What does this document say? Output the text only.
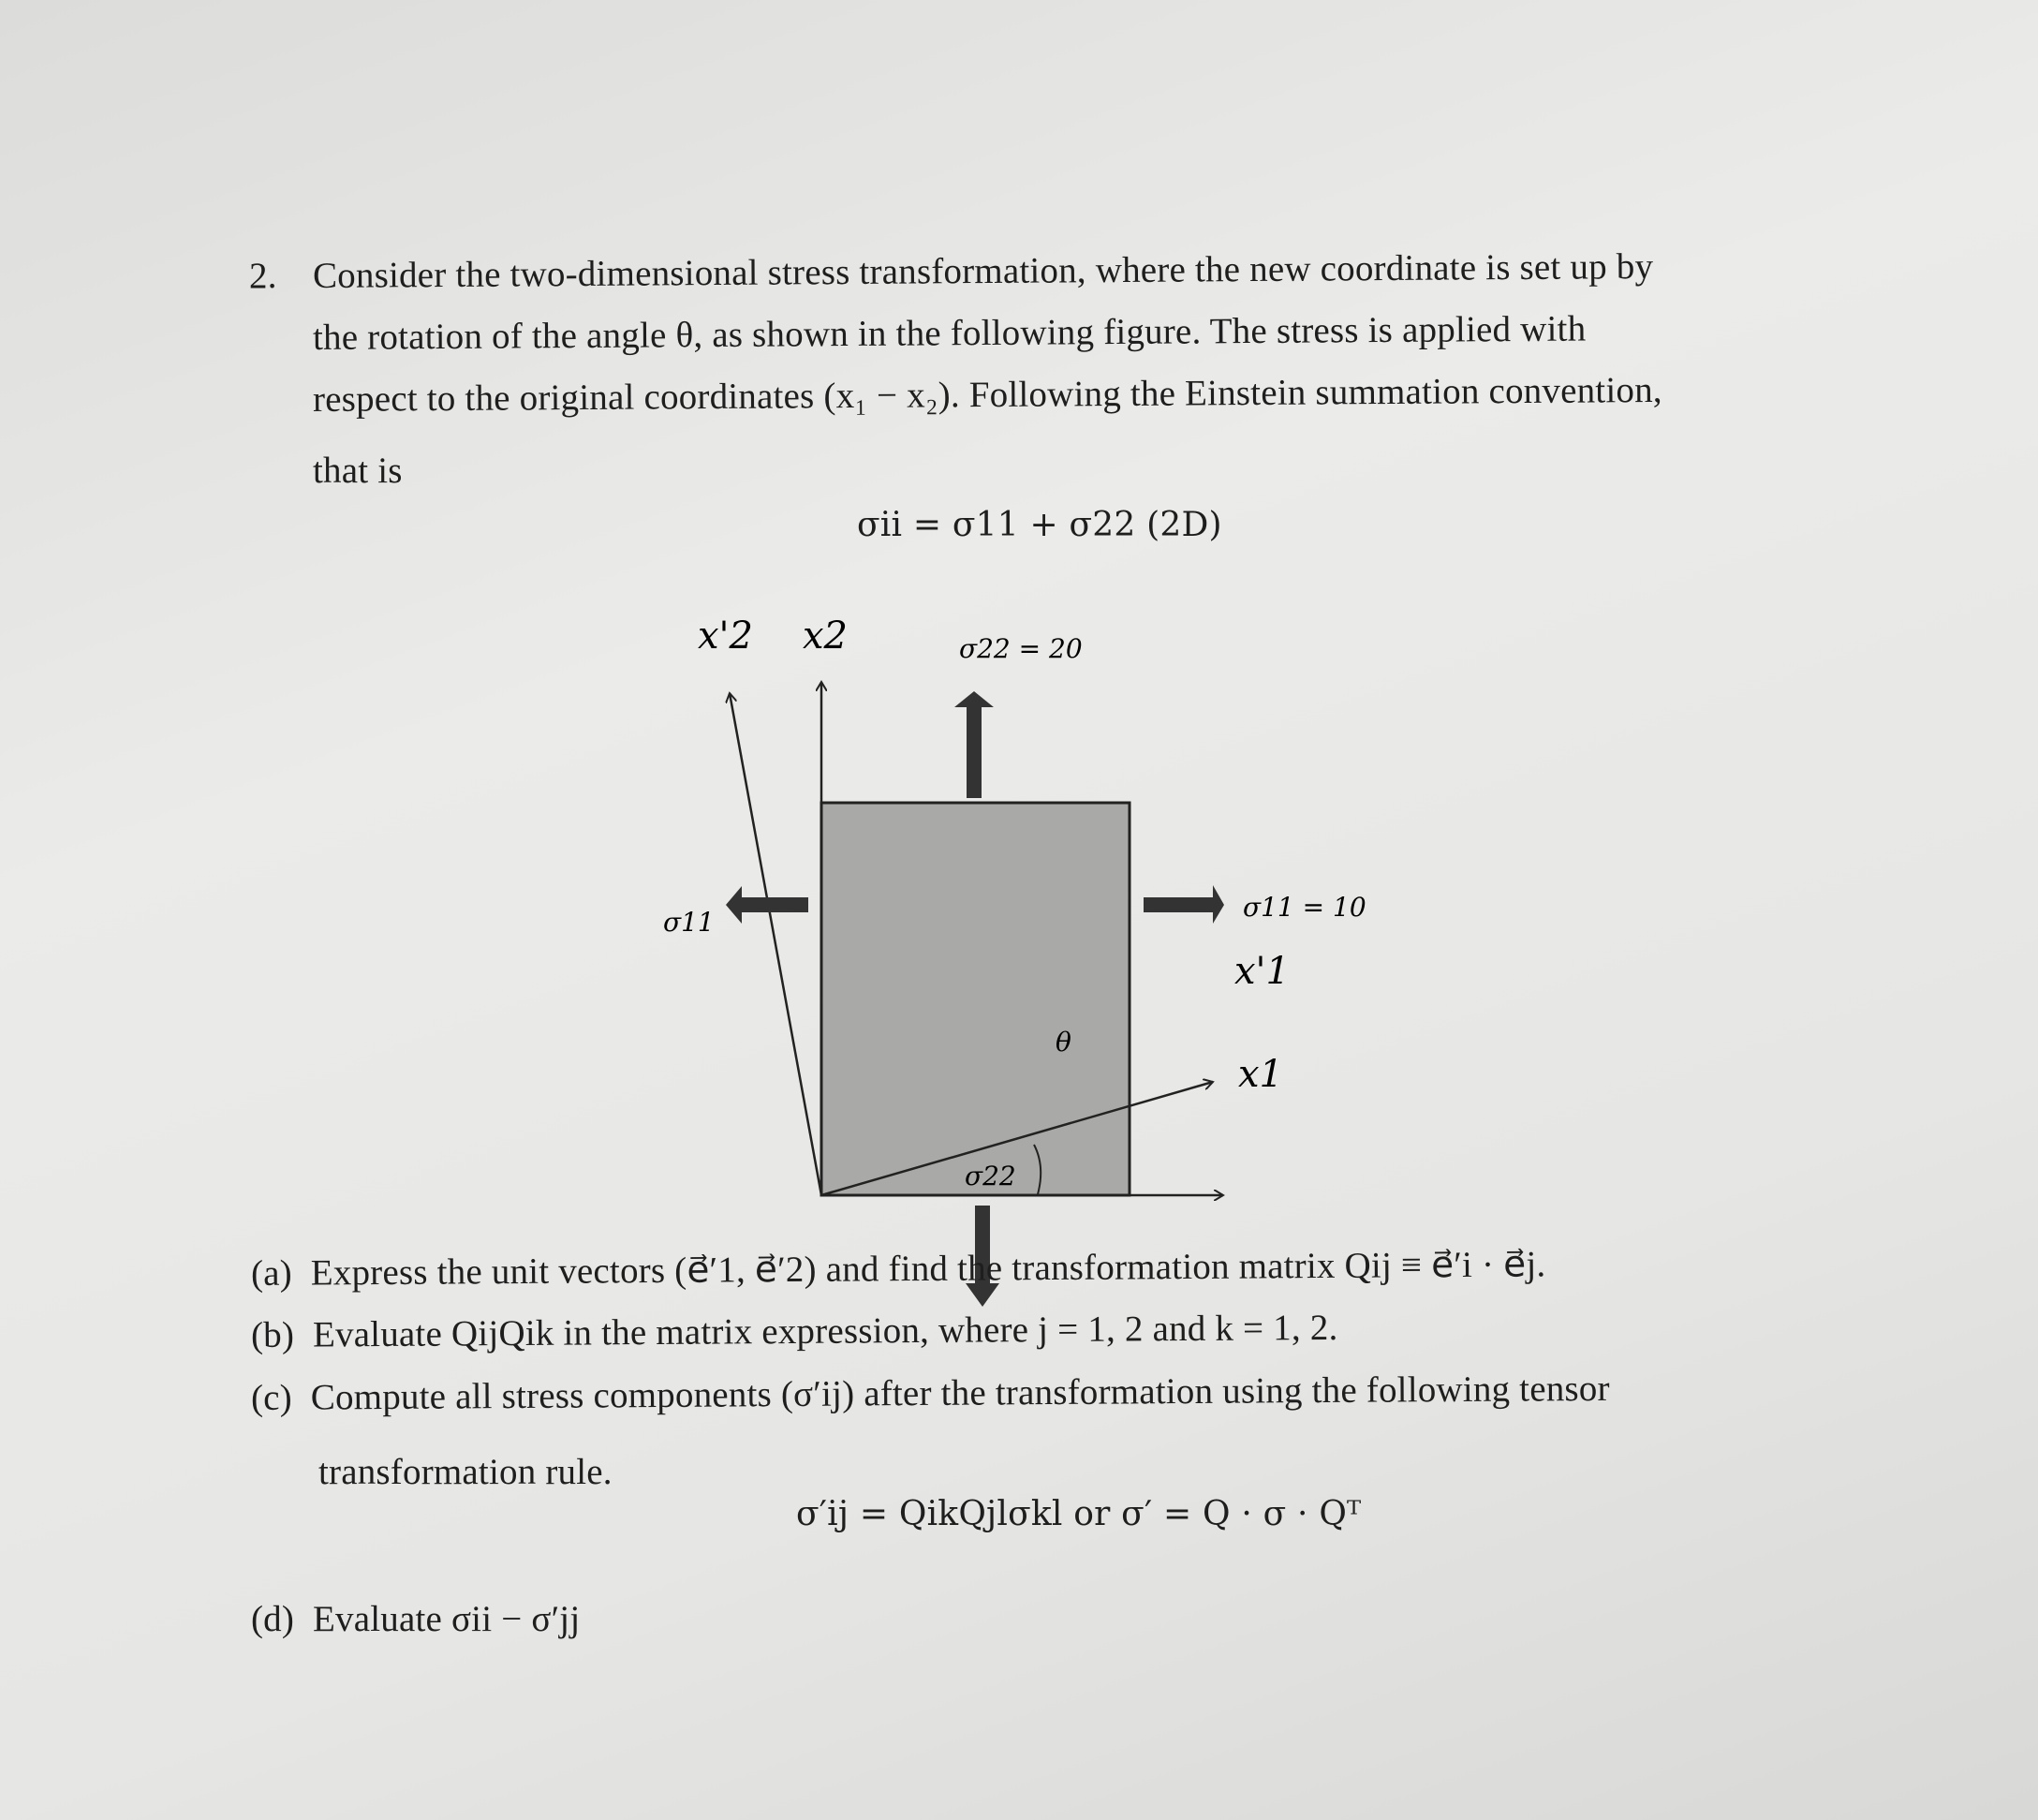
2. Consider the two-dimensional stress transformation, where the new coordinate is set up by
the rotation of the angle θ, as shown in the following figure. The stress is applied with
respect to the original coordinates (x₁ − x₂). Following the Einstein summation convention,
that is
σii = σ11 + σ22 (2D)
x'2 x2	σ22 = 20
σ11 = 10
σ11
x'1
x1
θ
σ22
(a) Express the unit vectors (e⃗′1, e⃗′2) and find the transformation matrix Qij ≡ e⃗′i · e⃗j.
(b) Evaluate QijQik in the matrix expression, where j = 1, 2 and k = 1, 2.
(c) Compute all stress components (σ′ij) after the transformation using the following tensor
transformation rule.
σ′ij = QikQjlσkl or σ′ = Q · σ · Qᵀ
(d) Evaluate σii − σ′jj
